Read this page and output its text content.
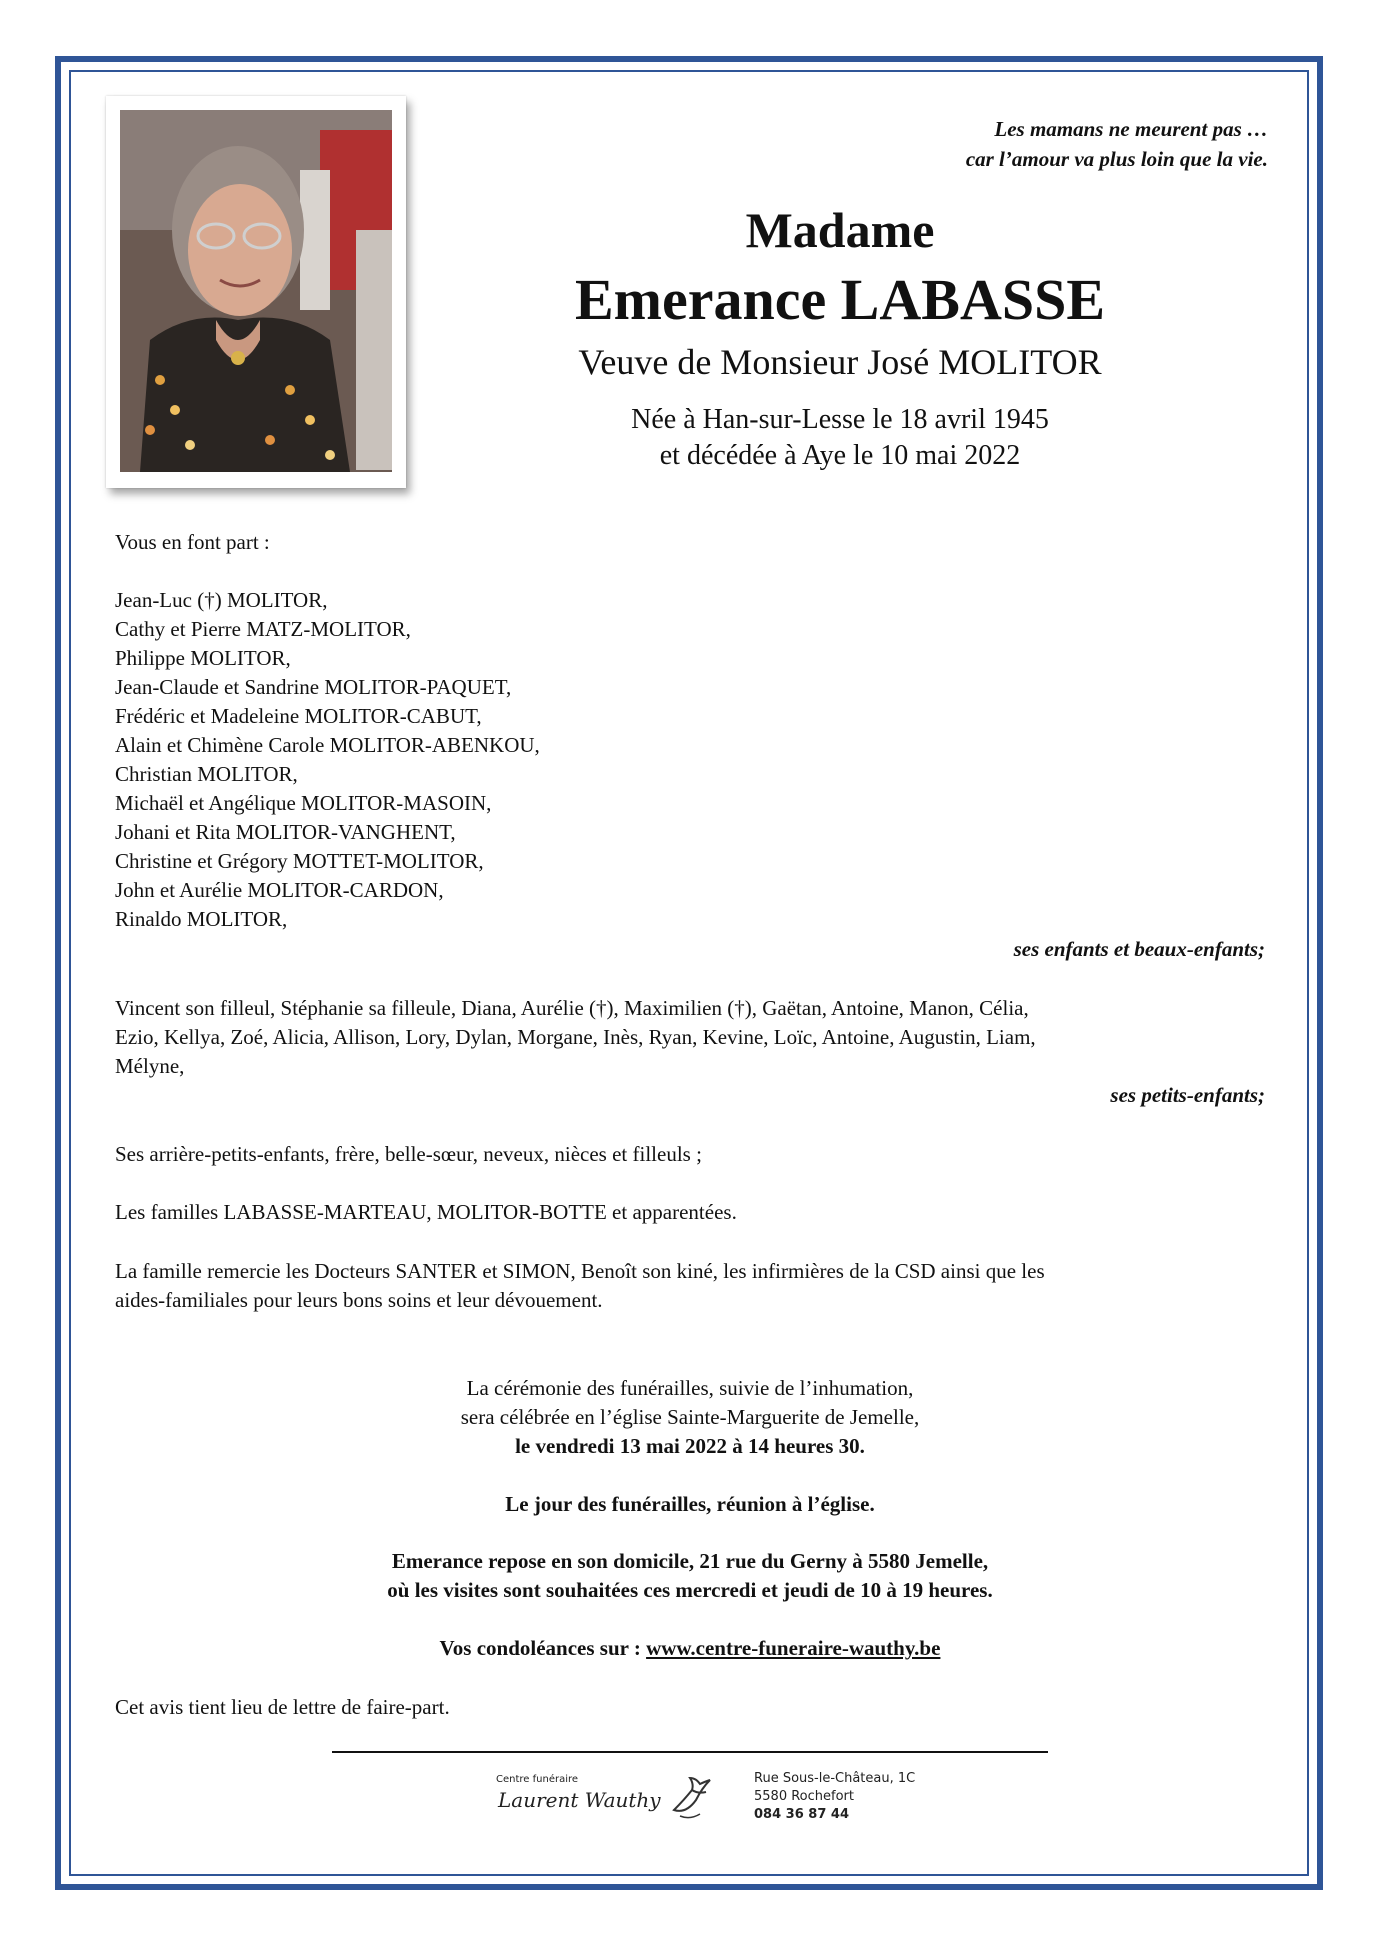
Les mamans ne meurent pas …
car l’amour va plus loin que la vie.
Madame
Emerance LABASSE
Veuve de Monsieur José MOLITOR
Née à Han-sur-Lesse le 18 avril 1945
et décédée à Aye le 10 mai 2022
Vous en font part :
Jean-Luc (†) MOLITOR,
Cathy et Pierre MATZ-MOLITOR,
Philippe MOLITOR,
Jean-Claude et Sandrine MOLITOR-PAQUET,
Frédéric et Madeleine MOLITOR-CABUT,
Alain et Chimène Carole MOLITOR-ABENKOU,
Christian MOLITOR,
Michaël et Angélique MOLITOR-MASOIN,
Johani et Rita MOLITOR-VANGHENT,
Christine et Grégory MOTTET-MOLITOR,
John et Aurélie MOLITOR-CARDON,
Rinaldo MOLITOR,
ses enfants et beaux-enfants;
Vincent son filleul, Stéphanie sa filleule, Diana, Aurélie (†), Maximilien (†), Gaëtan, Antoine, Manon, Célia,
Ezio, Kellya, Zoé, Alicia, Allison, Lory, Dylan, Morgane, Inès, Ryan, Kevine, Loïc, Antoine, Augustin, Liam,
Mélyne,
ses petits-enfants;
Ses arrière-petits-enfants, frère, belle-sœur, neveux, nièces et filleuls ;
Les familles LABASSE-MARTEAU, MOLITOR-BOTTE et apparentées.
La famille remercie les Docteurs SANTER et SIMON, Benoît son kiné, les infirmières de la CSD ainsi que les
aides-familiales pour leurs bons soins et leur dévouement.
La cérémonie des funérailles, suivie de l’inhumation,
sera célébrée en l’église Sainte-Marguerite de Jemelle,
le vendredi 13 mai 2022 à 14 heures 30.
Le jour des funérailles, réunion à l’église.
Emerance repose en son domicile, 21 rue du Gerny à 5580 Jemelle,
où les visites sont souhaitées ces mercredi et jeudi de 10 à 19 heures.
Vos condoléances sur : www.centre-funeraire-wauthy.be
Cet avis tient lieu de lettre de faire-part.
Centre funéraire
Laurent Wauthy
Rue Sous-le-Château, 1C
5580 Rochefort
084 36 87 44
